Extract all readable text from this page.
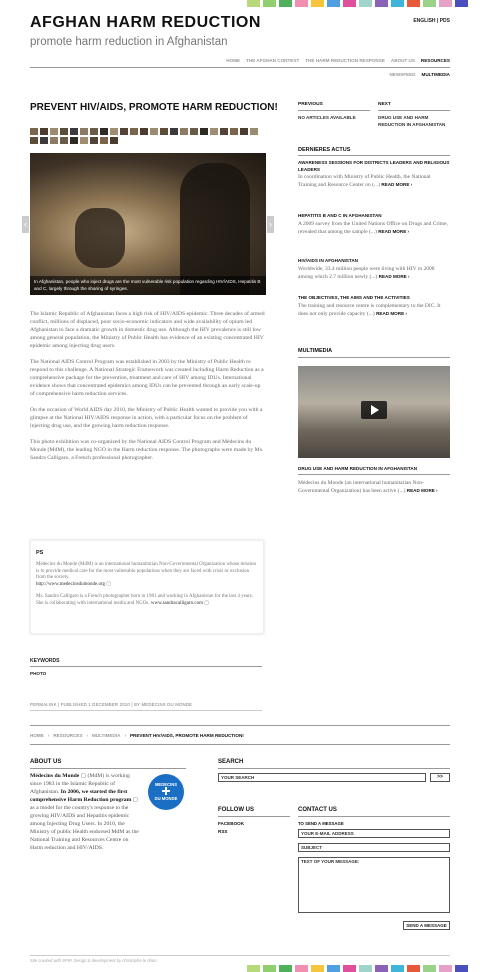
AFGHAN HARM REDUCTION
promote harm reduction in Afghanistan
ENGLISH | PDS
HOME THE AFGHAN CONTEXT THE HARM REDUCTION RESPONSE ABOUT US RESOURCES
NEWSFEED MULTIMEDIA
PREVENT HIV/AIDS, PROMOTE HARM REDUCTION!
‹
In Afghanistan, people who inject drugs are the most vulnerable risk population regarding HIV/AIDS, Hepatitis B and C, largely through the sharing of syringes.
›

The Islamic Republic of Afghanistan faces a high risk of HIV/AIDS epidemic. Three decades of armed conflict, millions of displaced, poor socio-economic indicators and wide availability of opium led Afghanistan to face a dramatic growth in domestic drug use. Although the HIV prevalence is still low among general population, the Ministry of Public Health has evidence of an existing concentrated HIV epidemic among injecting drug users.

The National AIDS Control Program was established in 2003 by the Ministry of Public Health to respond to this challenge. A National Strategic Framework was created including Harm Reduction as a comprehensive package for the prevention, treatment and care of HIV among IDUs. International evidence shows that concentrated epidemics among IDUs can be prevented through an early scale-up of comprehensive harm reduction services.

On the occasion of World AIDS day 2010, the Ministry of Public Health wanted to provide you with a glimpse at the National HIV/AIDS response in action, with a particular focus on the problem of injecting drug use, and the growing harm reduction response.

This photo exhibition was co-organized by the National AIDS Control Program and Médecins du Monde (MdM), the leading NGO in the Harm reduction response. The photographs were made by Ms. Sandra Calligaro, a French professional photographer.

PS

Médecins du Monde (MdM) is an international humanitarian Non-Governmental Organization whose mission is to provide medical care for the most vulnerable populations when they are faced with crisis or exclusion from the society.
http://www.medecinsdumonde.org ▢

Ms. Sandra Calligaro is a French photographer born in 1981 and working in Afghanistan for the last 4 years. She is collaborating with international media and NGOs. www.sandracalligaro.com ▢

KEYWORDS
PHOTO
PERMALINK | PUBLISHED 1 DECEMBER 2010 | BY MEDECINS DU MONDE
HOME › RESOURCES › MULTIMEDIA › PREVENT HIV/AIDS, PROMOTE HARM REDUCTION!
PREVIOUS	NEXT
NO ARTICLES AVAILABLE	DRUG USE AND HARM REDUCTION IN AFGHANISTAN
DERNIERES ACTUS
AWARENESS SESSIONS FOR DISTRICTS LEADERS AND RELIGIOUS LEADERS
In coordination with Ministry of Public Health, the National Training and Resource Center on (...) READ MORE ›
HEPATITIS B AND C IN AFGHANISTAN
A 2009 survey from the United Nations Office on Drugs and Crime, revealed that among the sample (...) READ MORE ›
HIV/AIDS IN AFGHANISTAN
Worldwide, 33.4 million people were living with HIV in 2008 among which 2.7 million newly (...) READ MORE ›
THE OBJECTIVES, THE AIMS AND THE ACTIVITIES
The training and resource centre is complementary to the DIC. It does not only provide capacity (...) READ MORE ›
MULTIMEDIA
DRUG USE AND HARM REDUCTION IN AFGHANISTAN
Médecins du Monde (an international humanitarian Non-Governmental Organization) has been active (...) READ MORE ›
ABOUT US
Médecins du Monde ▢ (MdM) is working since 1983 in the Islamic Republic of Afghanistan. In 2006, we started the first comprehensive Harm Reduction program ▢ as a model for the country's response to the growing HIV/AIDS and Hepatitis epidemic among Injecting Drug Users. In 2010, the Ministry of public Health endorsed MdM as the National Training and Resources Centre on Harm reduction and HIV/AIDS.
MEDECINS
DU MONDE
SEARCH
YOUR SEARCH	>>
FOLLOW US
FACEBOOK
RSS
CONTACT US
TO SEND A MESSAGE
YOUR E-MAIL ADDRESS
SUBJECT
TEXT OF YOUR MESSAGE:
SEND A MESSAGE
Site created with SPIP. Design & development by christophe le drian
